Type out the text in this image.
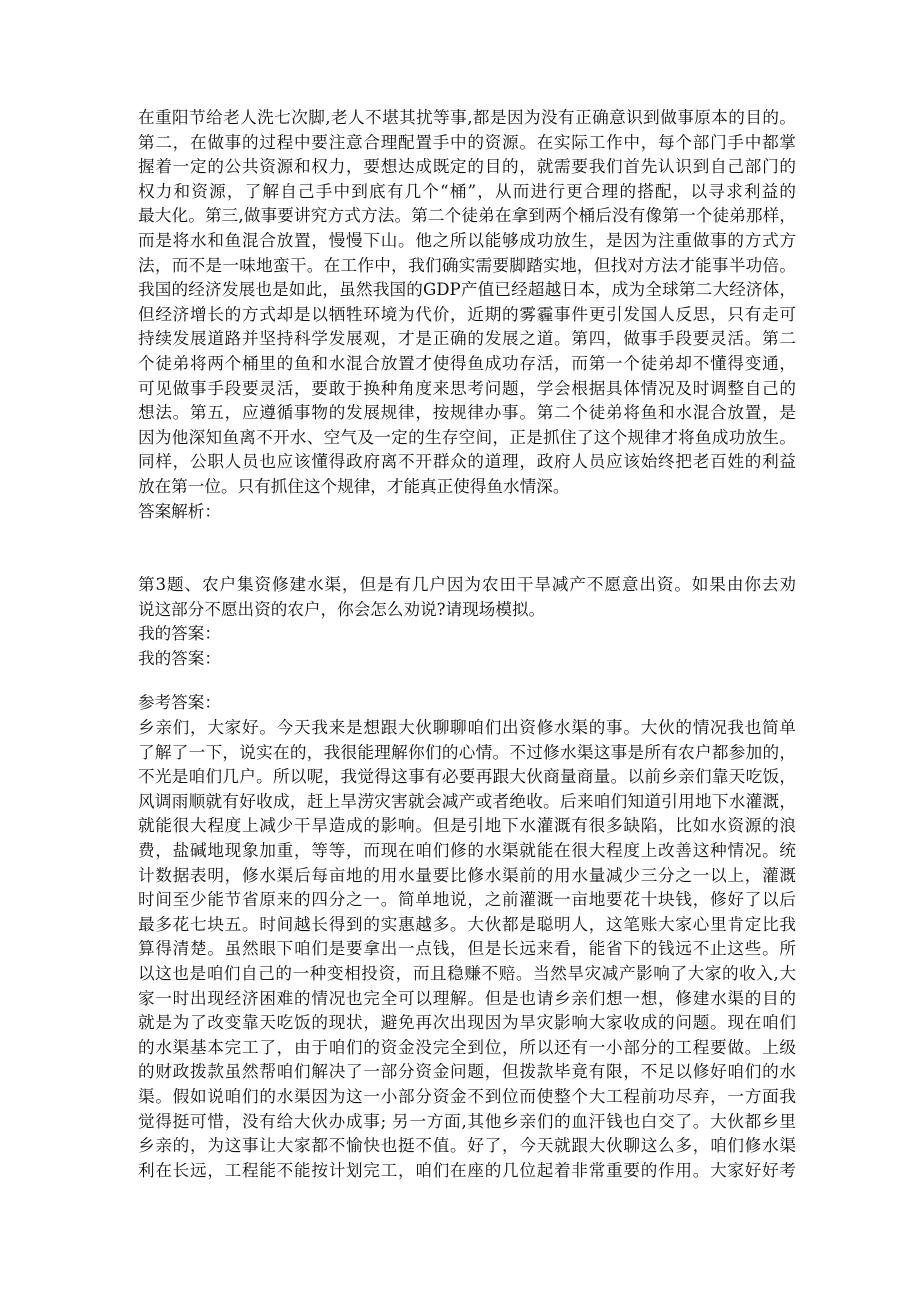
在重阳节给老人洗七次脚,老人不堪其扰等事,都是因为没有正确意识到做事原本的目的。
第二，在做事的过程中要注意合理配置手中的资源。在实际工作中，每个部门手中都掌
握着一定的公共资源和权力，要想达成既定的目的，就需要我们首先认识到自己部门的
权力和资源，了解自己手中到底有几个“桶”，从而进行更合理的搭配，以寻求利益的
最大化。第三,做事要讲究方式方法。第二个徒弟在拿到两个桶后没有像第一个徒弟那样，
而是将水和鱼混合放置，慢慢下山。他之所以能够成功放生，是因为注重做事的方式方
法，而不是一味地蛮干。在工作中，我们确实需要脚踏实地，但找对方法才能事半功倍。
我国的经济发展也是如此，虽然我国的GDP产值已经超越日本，成为全球第二大经济体，
但经济增长的方式却是以牺牲环境为代价，近期的雾霾事件更引发国人反思，只有走可
持续发展道路并坚持科学发展观，才是正确的发展之道。第四，做事手段要灵活。第二
个徒弟将两个桶里的鱼和水混合放置才使得鱼成功存活，而第一个徒弟却不懂得变通，
可见做事手段要灵活，要敢于换种角度来思考问题，学会根据具体情况及时调整自己的
想法。第五，应遵循事物的发展规律，按规律办事。第二个徒弟将鱼和水混合放置，是
因为他深知鱼离不开水、空气及一定的生存空间，正是抓住了这个规律才将鱼成功放生。
同样，公职人员也应该懂得政府离不开群众的道理，政府人员应该始终把老百姓的利益
放在第一位。只有抓住这个规律，才能真正使得鱼水情深。
答案解析：
第3题、农户集资修建水渠，但是有几户因为农田干旱减产不愿意出资。如果由你去劝
说这部分不愿出资的农户，你会怎么劝说?请现场模拟。
我的答案：
我的答案：
参考答案：
乡亲们，大家好。今天我来是想跟大伙聊聊咱们出资修水渠的事。大伙的情况我也简单
了解了一下，说实在的，我很能理解你们的心情。不过修水渠这事是所有农户都参加的，
不光是咱们几户。所以呢，我觉得这事有必要再跟大伙商量商量。以前乡亲们靠天吃饭，
风调雨顺就有好收成，赶上旱涝灾害就会减产或者绝收。后来咱们知道引用地下水灌溉，
就能很大程度上减少干旱造成的影响。但是引地下水灌溉有很多缺陷，比如水资源的浪
费，盐碱地现象加重，等等，而现在咱们修的水渠就能在很大程度上改善这种情况。统
计数据表明，修水渠后每亩地的用水量要比修水渠前的用水量减少三分之一以上，灌溉
时间至少能节省原来的四分之一。简单地说，之前灌溉一亩地要花十块钱，修好了以后
最多花七块五。时间越长得到的实惠越多。大伙都是聪明人，这笔账大家心里肯定比我
算得清楚。虽然眼下咱们是要拿出一点钱，但是长远来看，能省下的钱远不止这些。所
以这也是咱们自己的一种变相投资，而且稳赚不赔。当然旱灾减产影响了大家的收入,大
家一时出现经济困难的情况也完全可以理解。但是也请乡亲们想一想，修建水渠的目的
就是为了改变靠天吃饭的现状，避免再次出现因为旱灾影响大家收成的问题。现在咱们
的水渠基本完工了，由于咱们的资金没完全到位，所以还有一小部分的工程要做。上级
的财政拨款虽然帮咱们解决了一部分资金问题，但拨款毕竟有限，不足以修好咱们的水
渠。假如说咱们的水渠因为这一小部分资金不到位而使整个大工程前功尽弃，一方面我
觉得挺可惜，没有给大伙办成事; 另一方面,其他乡亲们的血汗钱也白交了。大伙都乡里
乡亲的，为这事让大家都不愉快也挺不值。好了，今天就跟大伙聊这么多，咱们修水渠
利在长远，工程能不能按计划完工，咱们在座的几位起着非常重要的作用。大家好好考
